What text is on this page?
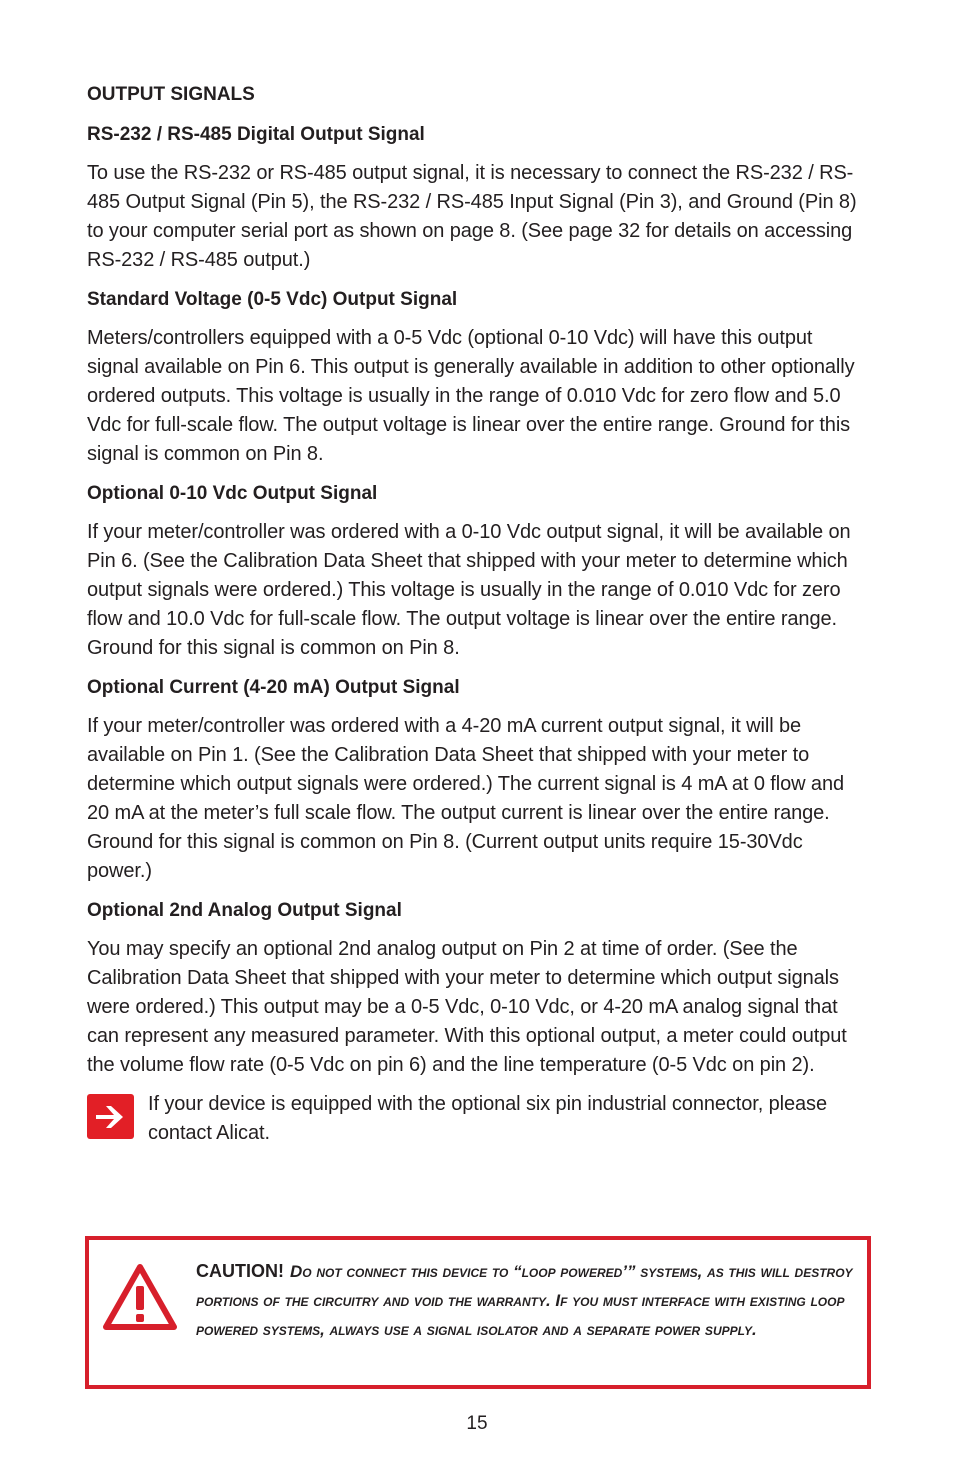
OUTPUT SIGNALS
RS-232 / RS-485 Digital Output Signal
To use the RS-232 or RS-485 output signal, it is necessary to connect the RS-232 / RS-485 Output Signal (Pin 5), the RS-232 / RS-485 Input Signal (Pin 3), and Ground (Pin 8) to your computer serial port as shown on page 8. (See page 32 for details on accessing RS-232 / RS-485 output.)
Standard Voltage (0-5 Vdc) Output Signal
Meters/controllers equipped with a 0-5 Vdc (optional 0-10 Vdc) will have this output signal available on Pin 6. This output is generally available in addition to other optionally ordered outputs. This voltage is usually in the range of 0.010 Vdc for zero flow and 5.0 Vdc for full-scale flow. The output voltage is linear over the entire range. Ground for this signal is common on Pin 8.
Optional 0-10 Vdc Output Signal
If your meter/controller was ordered with a 0-10 Vdc output signal, it will be available on Pin 6. (See the Calibration Data Sheet that shipped with your meter to determine which output signals were ordered.) This voltage is usually in the range of 0.010 Vdc for zero flow and 10.0 Vdc for full-scale flow. The output voltage is linear over the entire range. Ground for this signal is common on Pin 8.
Optional Current (4-20 mA) Output Signal
If your meter/controller was ordered with a 4-20 mA current output signal, it will be available on Pin 1. (See the Calibration Data Sheet that shipped with your meter to determine which output signals were ordered.) The current signal is 4 mA at 0 flow and 20 mA at the meter’s full scale flow. The output current is linear over the entire range. Ground for this signal is common on Pin 8. (Current output units require 15-30Vdc power.)
Optional 2nd Analog Output Signal
You may specify an optional 2nd analog output on Pin 2 at time of order. (See the Calibration Data Sheet that shipped with your meter to determine which output signals were ordered.) This output may be a 0-5 Vdc, 0-10 Vdc, or 4-20 mA analog signal that can represent any measured parameter. With this optional output, a meter could output the volume flow rate (0-5 Vdc on pin 6) and the line temperature (0-5 Vdc on pin 2).
If your device is equipped with the optional six pin industrial connector, please contact Alicat.
CAUTION! Do not connect this device to “loop powered’” systems, as this will destroy portions of the circuitry and void the warranty. If you must interface with existing loop powered systems, always use a signal isolator and a separate power supply.
15
